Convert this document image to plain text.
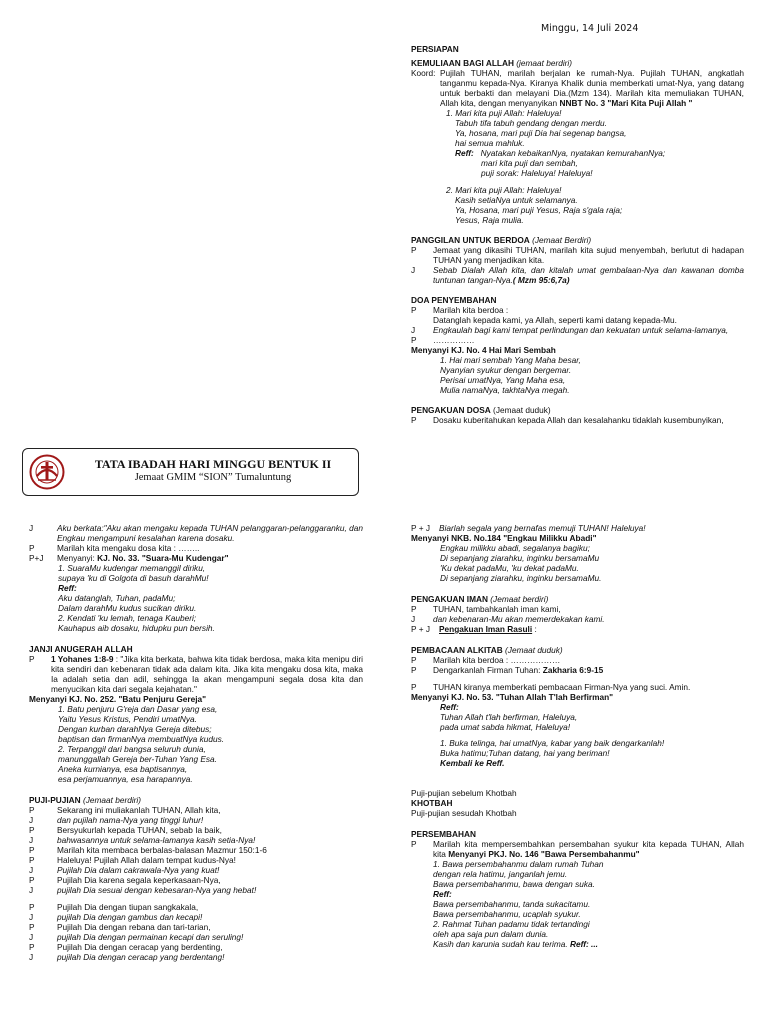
Minggu, 14 Juli 2024
PERSIAPAN
KEMULIAAN BAGI ALLAH (jemaat berdiri)
Koord: Pujilah TUHAN, marilah berjalan ke rumah-Nya. Pujilah TUHAN, angkatlah tanganmu kepada-Nya. Kiranya Khalik dunia memberkati umat-Nya, yang datang untuk berbakti dan melayani Dia.(Mzm 134). Marilah kita memuliakan TUHAN, Allah kita, dengan menyanyikan NNBT No. 3 "Mari Kita Puji Allah "
1. Mari kita puji Allah: Haleluya!
Tabuh tifa tabuh gendang dengan merdu.
Ya, hosana, mari puji Dia hai segenap bangsa,
hai semua mahluk.
Reff: Nyatakan kebaikanNya, nyatakan kemurahanNya;
mari kita puji dan sembah,
puji sorak: Haleluya! Haleluya!
2. Mari kita puji Allah: Haleluya!
Kasih setiaNya untuk selamanya.
Ya, Hosana, mari puji Yesus, Raja s'gala raja;
Yesus, Raja mulia.
PANGGILAN UNTUK BERDOA (Jemaat Berdiri)
P	Jemaat yang dikasihi TUHAN, marilah kita sujud menyembah, berlutut di hadapan TUHAN yang menjadikan kita.
J	Sebab Dialah Allah kita, dan kitalah umat gembalaan-Nya dan kawanan domba tuntunan tangan-Nya.( Mzm 95:6,7a)
DOA PENYEMBAHAN
P	Marilah kita berdoa :
Datanglah kepada kami, ya Allah, seperti kami datang kepada-Mu.
J	Engkaulah bagi kami tempat perlindungan dan kekuatan untuk selama-lamanya,
P	……………
Menyanyi KJ. No. 4 Hai Mari Sembah
1. Hai mari sembah Yang Maha besar,
Nyanyian syukur dengan bergemar.
Perisai umatNya, Yang Maha esa,
Mulia namaNya, takhtaNya megah.
PENGAKUAN DOSA (Jemaat duduk)
P	Dosaku kuberitahukan kepada Allah dan kesalahanku tidaklah kusembunyikan,
TATA IBADAH HARI MINGGU BENTUK II
Jemaat GMIM “SION” Tumaluntung
J	Aku berkata:"Aku akan mengaku kepada TUHAN pelanggaran-pelanggaranku, dan Engkau mengampuni kesalahan karena dosaku.
P	Marilah kita mengaku dosa kita : ……..
P+J	Menyanyi: KJ. No. 33. "Suara-Mu Kudengar"
1. SuaraMu kudengar memanggil diriku,
supaya 'ku di Golgota di basuh darahMu!
Reff:
Aku datanglah, Tuhan, padaMu;
Dalam darahMu kudus sucikan diriku.
2. Kendati 'ku lemah, tenaga Kauberi;
Kauhapus aib dosaku, hidupku pun bersih.
JANJI ANUGERAH ALLAH
P	1 Yohanes 1:8-9 : "Jika kita berkata, bahwa kita tidak berdosa, maka kita menipu diri kita sendiri dan kebenaran tidak ada dalam kita. Jika kita mengaku dosa kita, maka Ia adalah setia dan adil, sehingga Ia akan mengampuni segala dosa kita dan menyucikan kita dari segala kejahatan."
Menyanyi KJ. No. 252. "Batu Penjuru Gereja"
1. Batu penjuru G'reja dan Dasar yang esa,
Yaitu Yesus Kristus, Pendiri umatNya.
Dengan kurban darahNya Gereja ditebus;
baptisan dan firmanNya membuatNya kudus.
2. Terpanggil dari bangsa seluruh dunia,
manunggallah Gereja ber-Tuhan Yang Esa.
Aneka kurnianya, esa baptisannya,
esa perjamuannya, esa harapannya.
PUJI-PUJIAN (Jemaat berdiri)
P	Sekarang ini muliakanlah TUHAN, Allah kita,
J	dan pujilah nama-Nya yang tinggi luhur!
P	Bersyukurlah kepada TUHAN, sebab Ia baik,
J	bahwasannya untuk selama-lamanya kasih setia-Nya!
P	Marilah kita membaca berbalas-balasan Mazmur 150:1-6
P	Haleluya! Pujilah Allah dalam tempat kudus-Nya!
J	Pujilah Dia dalam cakrawala-Nya yang kuat!
P	Pujilah Dia karena segala keperkasaan-Nya,
J	pujilah Dia sesuai dengan kebesaran-Nya yang hebat!
P	Pujilah Dia dengan tiupan sangkakala,
J	pujilah Dia dengan gambus dan kecapi!
P	Pujilah Dia dengan rebana dan tari-tarian,
J	pujilah Dia dengan permainan kecapi dan seruling!
P	Pujilah Dia dengan ceracap yang berdenting,
J	pujilah Dia dengan ceracap yang berdentang!
P + J	Biarlah segala yang bernafas memuji TUHAN! Haleluya!
Menyanyi NKB. No.184 "Engkau Milikku Abadi"
Engkau milikku abadi, segalanya bagiku;
Di sepanjang ziarahku, inginku bersamaMu
'Ku dekat padaMu, 'ku dekat padaMu.
Di sepanjang ziarahku, inginku bersamaMu.
PENGAKUAN IMAN (Jemaat berdiri)
P	TUHAN, tambahkanlah iman kami,
J	dan kebenaran-Mu akan memerdekakan kami.
P + J	Pengakuan Iman Rasuli :
PEMBACAAN ALKITAB (Jemaat duduk)
P	Marilah kita berdoa : ………………
P	Dengarkanlah Firman Tuhan: Zakharia 6:9-15
P	TUHAN kiranya memberkati pembacaan Firman-Nya yang suci. Amin.
Menyanyi KJ. No. 53. "Tuhan Allah T'lah Berfirman"
Reff:
Tuhan Allah t'lah berfirman, Haleluya,
pada umat sabda hikmat, Haleluya!
1. Buka telinga, hai umatNya, kabar yang baik dengarkanlah!
Buka hatimu;Tuhan datang, hai yang beriman!
Kembali ke Reff.
Puji-pujian sebelum Khotbah
KHOTBAH
Puji-pujian sesudah Khotbah
PERSEMBAHAN
P	Marilah kita mempersembahkan persembahan syukur kita kepada TUHAN, Allah kita Menyanyi PKJ. No. 146 "Bawa Persembahanmu"
1. Bawa persembahanmu dalam rumah Tuhan
dengan rela hatimu, janganlah jemu.
Bawa persembahanmu, bawa dengan suka.
Reff:
Bawa persembahanmu, tanda sukacitamu.
Bawa persembahanmu, ucaplah syukur.
2. Rahmat Tuhan padamu tidak tertandingi
oleh apa saja pun dalam dunia.
Kasih dan karunia sudah kau terima. Reff: ...
